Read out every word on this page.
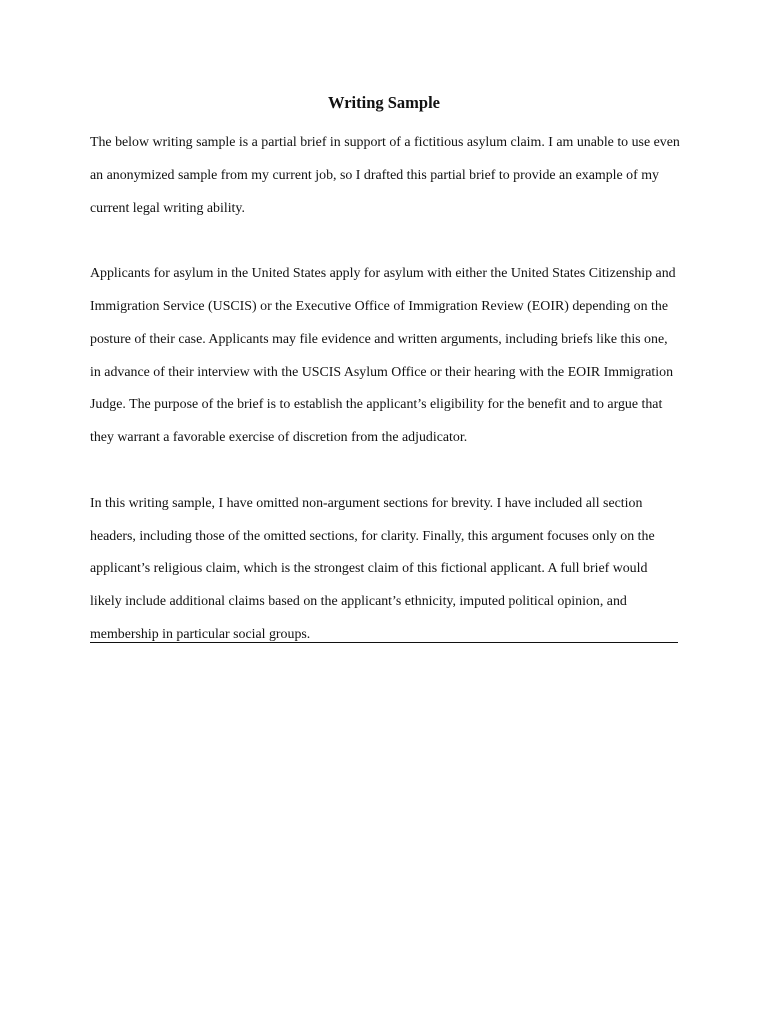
Writing Sample

The below writing sample is a partial brief in support of a fictitious asylum claim. I am unable to use even
an anonymized sample from my current job, so I drafted this partial brief to provide an example of my
current legal writing ability.

Applicants for asylum in the United States apply for asylum with either the United States Citizenship and
Immigration Service (USCIS) or the Executive Office of Immigration Review (EOIR) depending on the
posture of their case. Applicants may file evidence and written arguments, including briefs like this one,
in advance of their interview with the USCIS Asylum Office or their hearing with the EOIR Immigration
Judge. The purpose of the brief is to establish the applicant’s eligibility for the benefit and to argue that
they warrant a favorable exercise of discretion from the adjudicator.

In this writing sample, I have omitted non-argument sections for brevity. I have included all section
headers, including those of the omitted sections, for clarity. Finally, this argument focuses only on the
applicant’s religious claim, which is the strongest claim of this fictional applicant. A full brief would
likely include additional claims based on the applicant’s ethnicity, imputed political opinion, and
membership in particular social groups.
